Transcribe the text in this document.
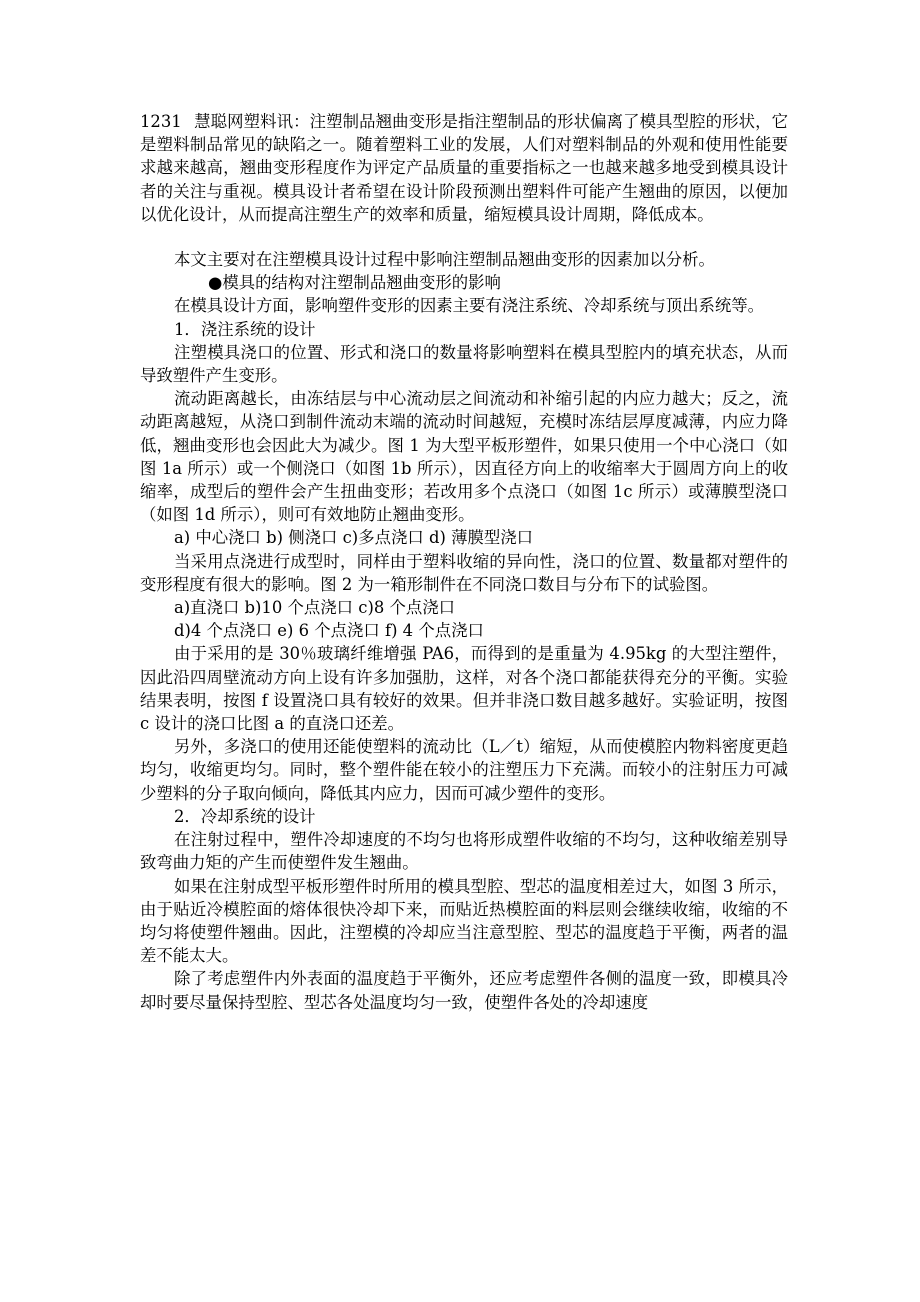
1231 慧聪网塑料讯：注塑制品翘曲变形是指注塑制品的形状偏离了模具型腔的形状，它是塑料制品常见的缺陷之一。随着塑料工业的发展，人们对塑料制品的外观和使用性能要求越来越高，翘曲变形程度作为评定产品质量的重要指标之一也越来越多地受到模具设计者的关注与重视。模具设计者希望在设计阶段预测出塑料件可能产生翘曲的原因，以便加以优化设计，从而提高注塑生产的效率和质量，缩短模具设计周期，降低成本。

本文主要对在注塑模具设计过程中影响注塑制品翘曲变形的因素加以分析。

●模具的结构对注塑制品翘曲变形的影响

在模具设计方面，影响塑件变形的因素主要有浇注系统、冷却系统与顶出系统等。

1．浇注系统的设计

注塑模具浇口的位置、形式和浇口的数量将影响塑料在模具型腔内的填充状态，从而导致塑件产生变形。

流动距离越长，由冻结层与中心流动层之间流动和补缩引起的内应力越大；反之，流动距离越短，从浇口到制件流动末端的流动时间越短，充模时冻结层厚度减薄，内应力降低，翘曲变形也会因此大为减少。图 1 为大型平板形塑件，如果只使用一个中心浇口（如图 1a 所示）或一个侧浇口（如图 1b 所示），因直径方向上的收缩率大于圆周方向上的收缩率，成型后的塑件会产生扭曲变形；若改用多个点浇口（如图 1c 所示）或薄膜型浇口（如图 1d 所示），则可有效地防止翘曲变形。

a) 中心浇口 b) 侧浇口 c)多点浇口 d) 薄膜型浇口

当采用点浇进行成型时，同样由于塑料收缩的异向性，浇口的位置、数量都对塑件的变形程度有很大的影响。图 2 为一箱形制件在不同浇口数目与分布下的试验图。

a)直浇口 b)10 个点浇口 c)8 个点浇口

d)4 个点浇口 e) 6 个点浇口 f) 4 个点浇口

由于采用的是 30％玻璃纤维增强 PA6，而得到的是重量为 4.95kg 的大型注塑件，因此沿四周壁流动方向上设有许多加强肋，这样，对各个浇口都能获得充分的平衡。实验结果表明，按图 f 设置浇口具有较好的效果。但并非浇口数目越多越好。实验证明，按图 c 设计的浇口比图 a 的直浇口还差。

另外，多浇口的使用还能使塑料的流动比（L／t）缩短，从而使模腔内物料密度更趋均匀，收缩更均匀。同时，整个塑件能在较小的注塑压力下充满。而较小的注射压力可减少塑料的分子取向倾向，降低其内应力，因而可减少塑件的变形。

2．冷却系统的设计

在注射过程中，塑件冷却速度的不均匀也将形成塑件收缩的不均匀，这种收缩差别导致弯曲力矩的产生而使塑件发生翘曲。

如果在注射成型平板形塑件时所用的模具型腔、型芯的温度相差过大，如图 3 所示，由于贴近冷模腔面的熔体很快冷却下来，而贴近热模腔面的料层则会继续收缩，收缩的不均匀将使塑件翘曲。因此，注塑模的冷却应当注意型腔、型芯的温度趋于平衡，两者的温差不能太大。

除了考虑塑件内外表面的温度趋于平衡外，还应考虑塑件各侧的温度一致，即模具冷却时要尽量保持型腔、型芯各处温度均匀一致，使塑件各处的冷却速度
